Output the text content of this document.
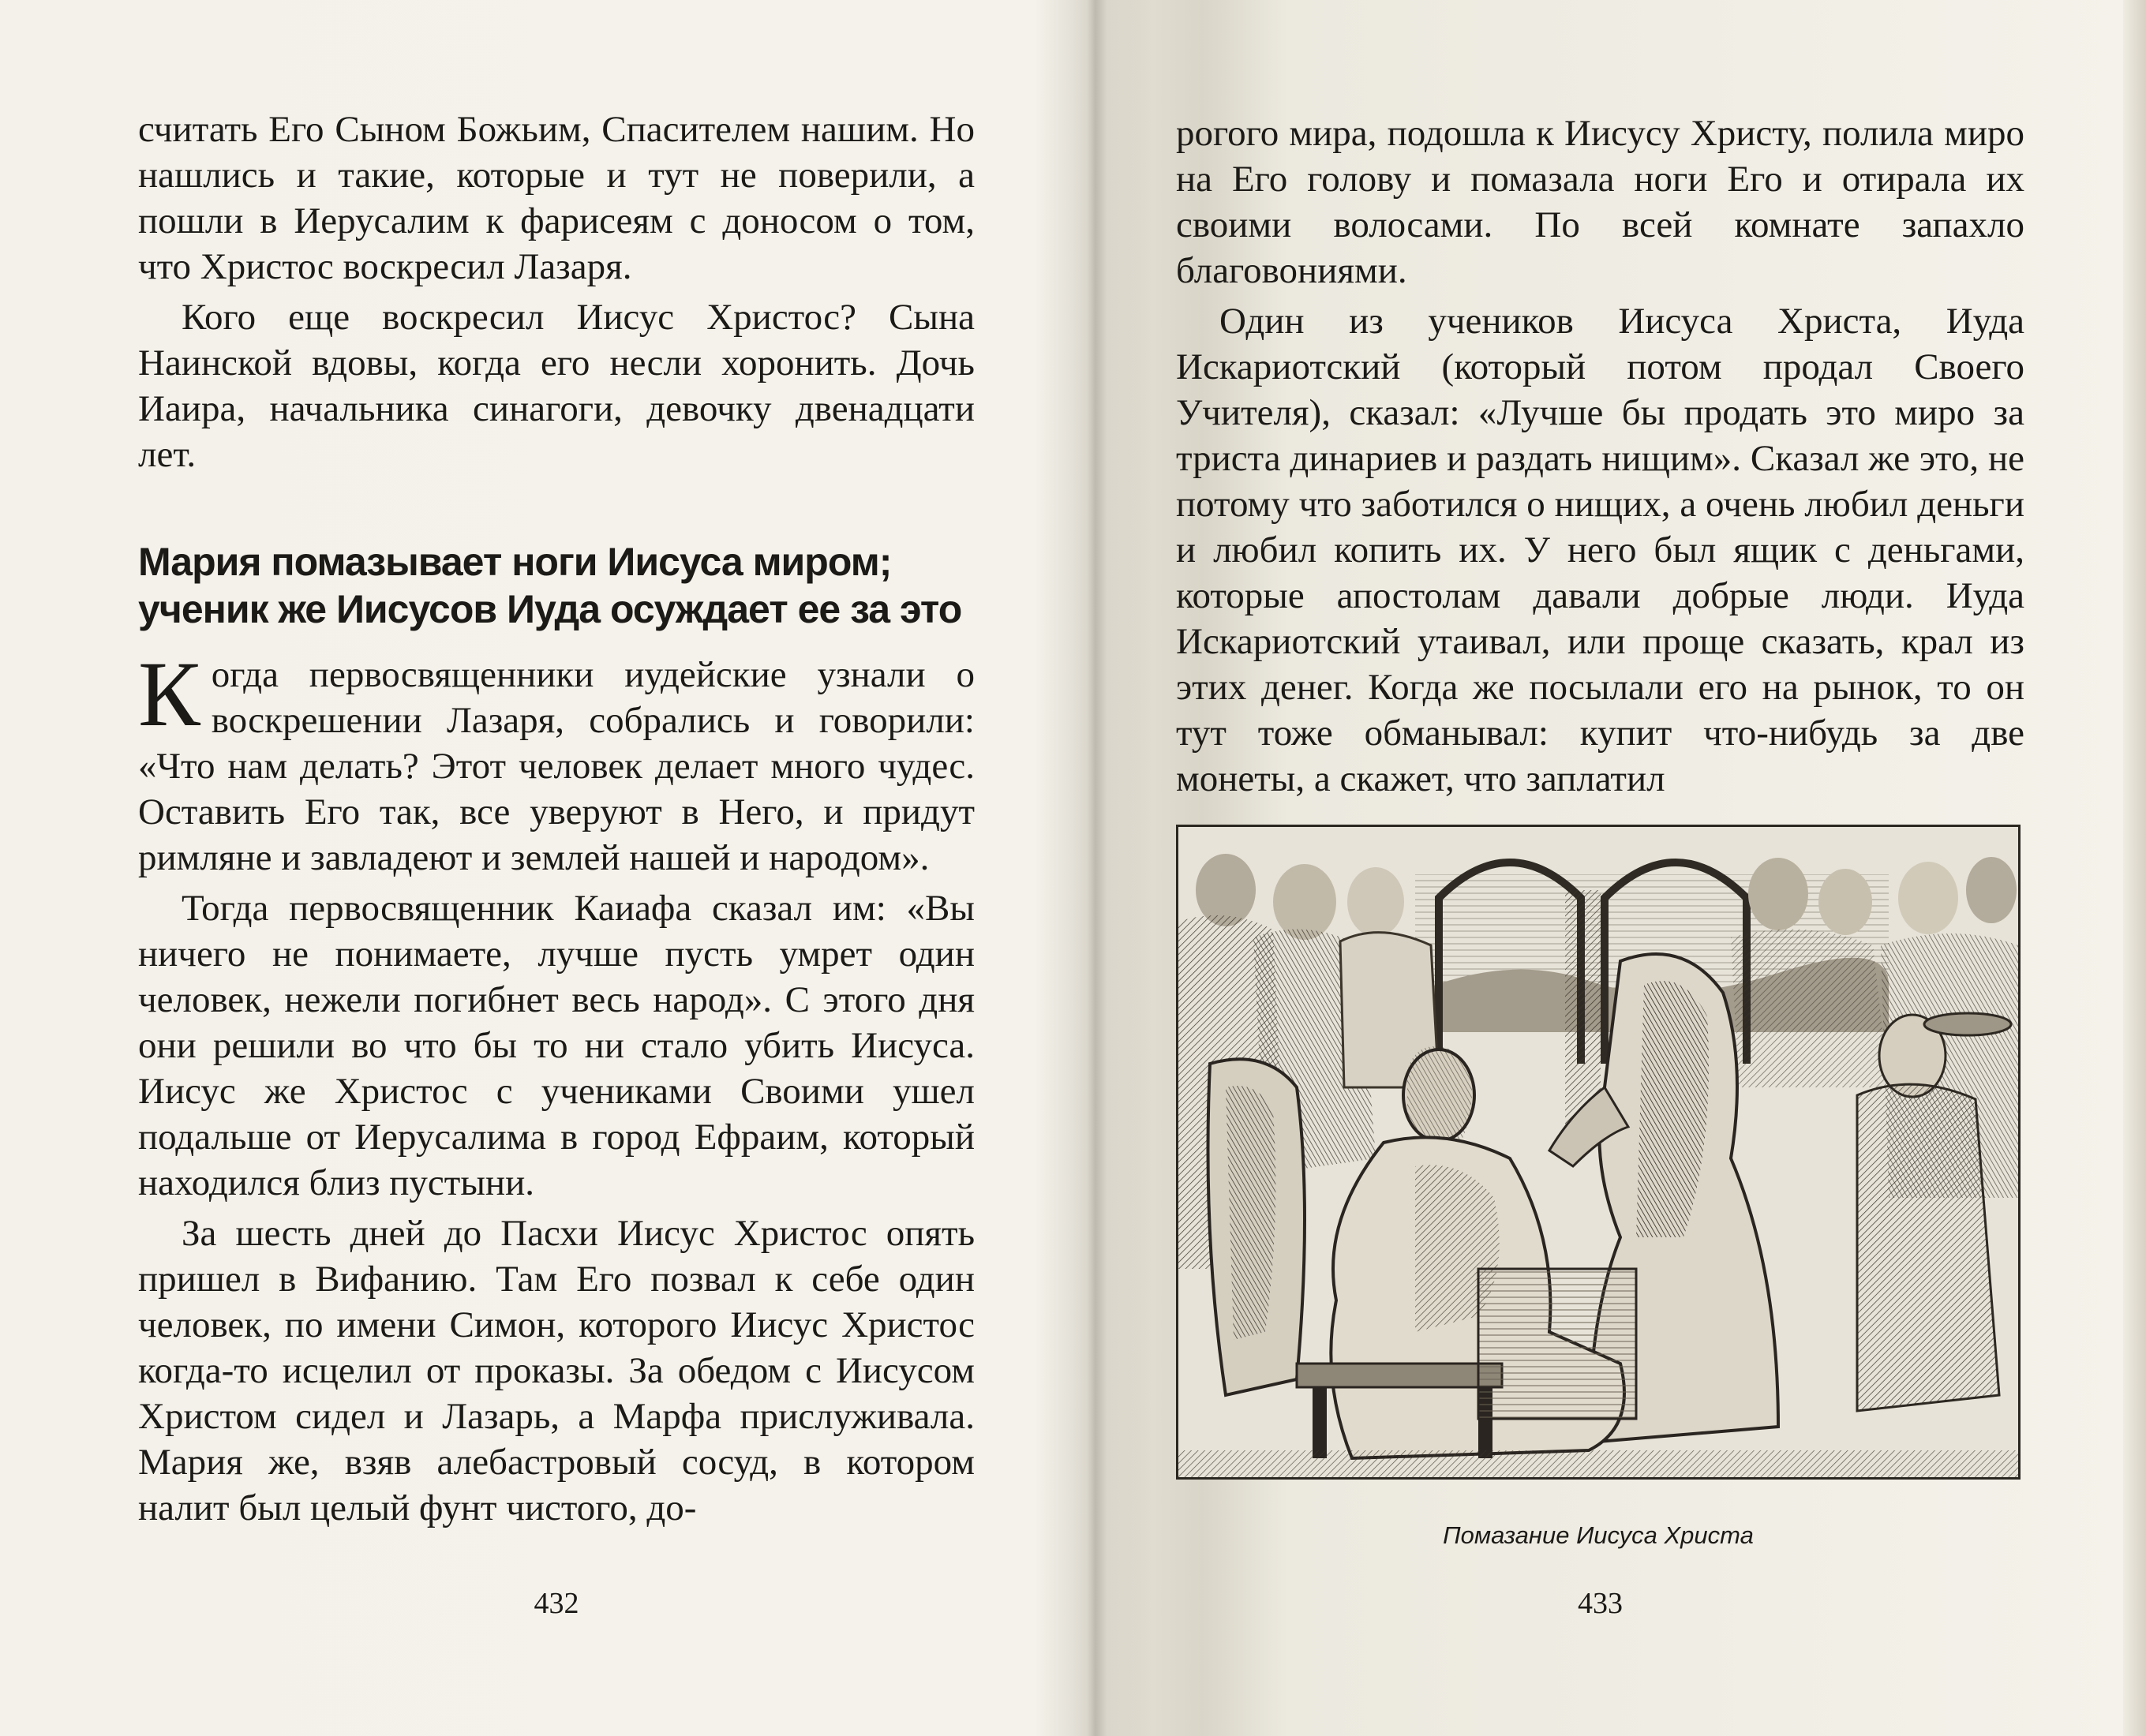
считать Его Сыном Божьим, Спасителем нашим. Но нашлись и такие, которые и тут не поверили, а пошли в Иерусалим к фарисеям с доносом о том, что Христос воскресил Лазаря.

Кого еще воскресил Иисус Христос? Сына Наинской вдовы, когда его несли хоронить. Дочь Иаира, начальника синагоги, девочку двенадцати лет.

Мария помазывает ноги Иисуса миром; ученик же Иисусов Иуда осуждает ее за это

Когда первосвященники иудейские узнали о воскрешении Лазаря, собрались и говорили: «Что нам делать? Этот человек делает много чудес. Оставить Его так, все уверуют в Него, и придут римляне и завладеют и землей нашей и народом».

Тогда первосвященник Каиафа сказал им: «Вы ничего не понимаете, лучше пусть умрет один человек, нежели погибнет весь народ». С этого дня они решили во что бы то ни стало убить Иисуса. Иисус же Христос с учениками Своими ушел подальше от Иерусалима в город Ефраим, который находился близ пустыни.

За шесть дней до Пасхи Иисус Христос опять пришел в Вифанию. Там Его позвал к себе один человек, по имени Симон, которого Иисус Христос когда-то исцелил от проказы. За обедом с Иисусом Христом сидел и Лазарь, а Марфа прислуживала. Мария же, взяв алебастровый сосуд, в котором налит был целый фунт чистого, до-

432

рогого мира, подошла к Иисусу Христу, полила миро на Его голову и помазала ноги Его и отирала их своими волосами. По всей комнате запахло благовониями.

Один из учеников Иисуса Христа, Иуда Искариотский (который потом продал Своего Учителя), сказал: «Лучше бы продать это миро за триста динариев и раздать нищим». Сказал же это, не потому что заботился о нищих, а очень любил деньги и любил копить их. У него был ящик с деньгами, которые апостолам давали добрые люди. Иуда Искариотский утаивал, или проще сказать, крал из этих денег. Когда же посылали его на рынок, то он тут тоже обманывал: купит что-нибудь за две монеты, а скажет, что заплатил

Помазание Иисуса Христа
433
